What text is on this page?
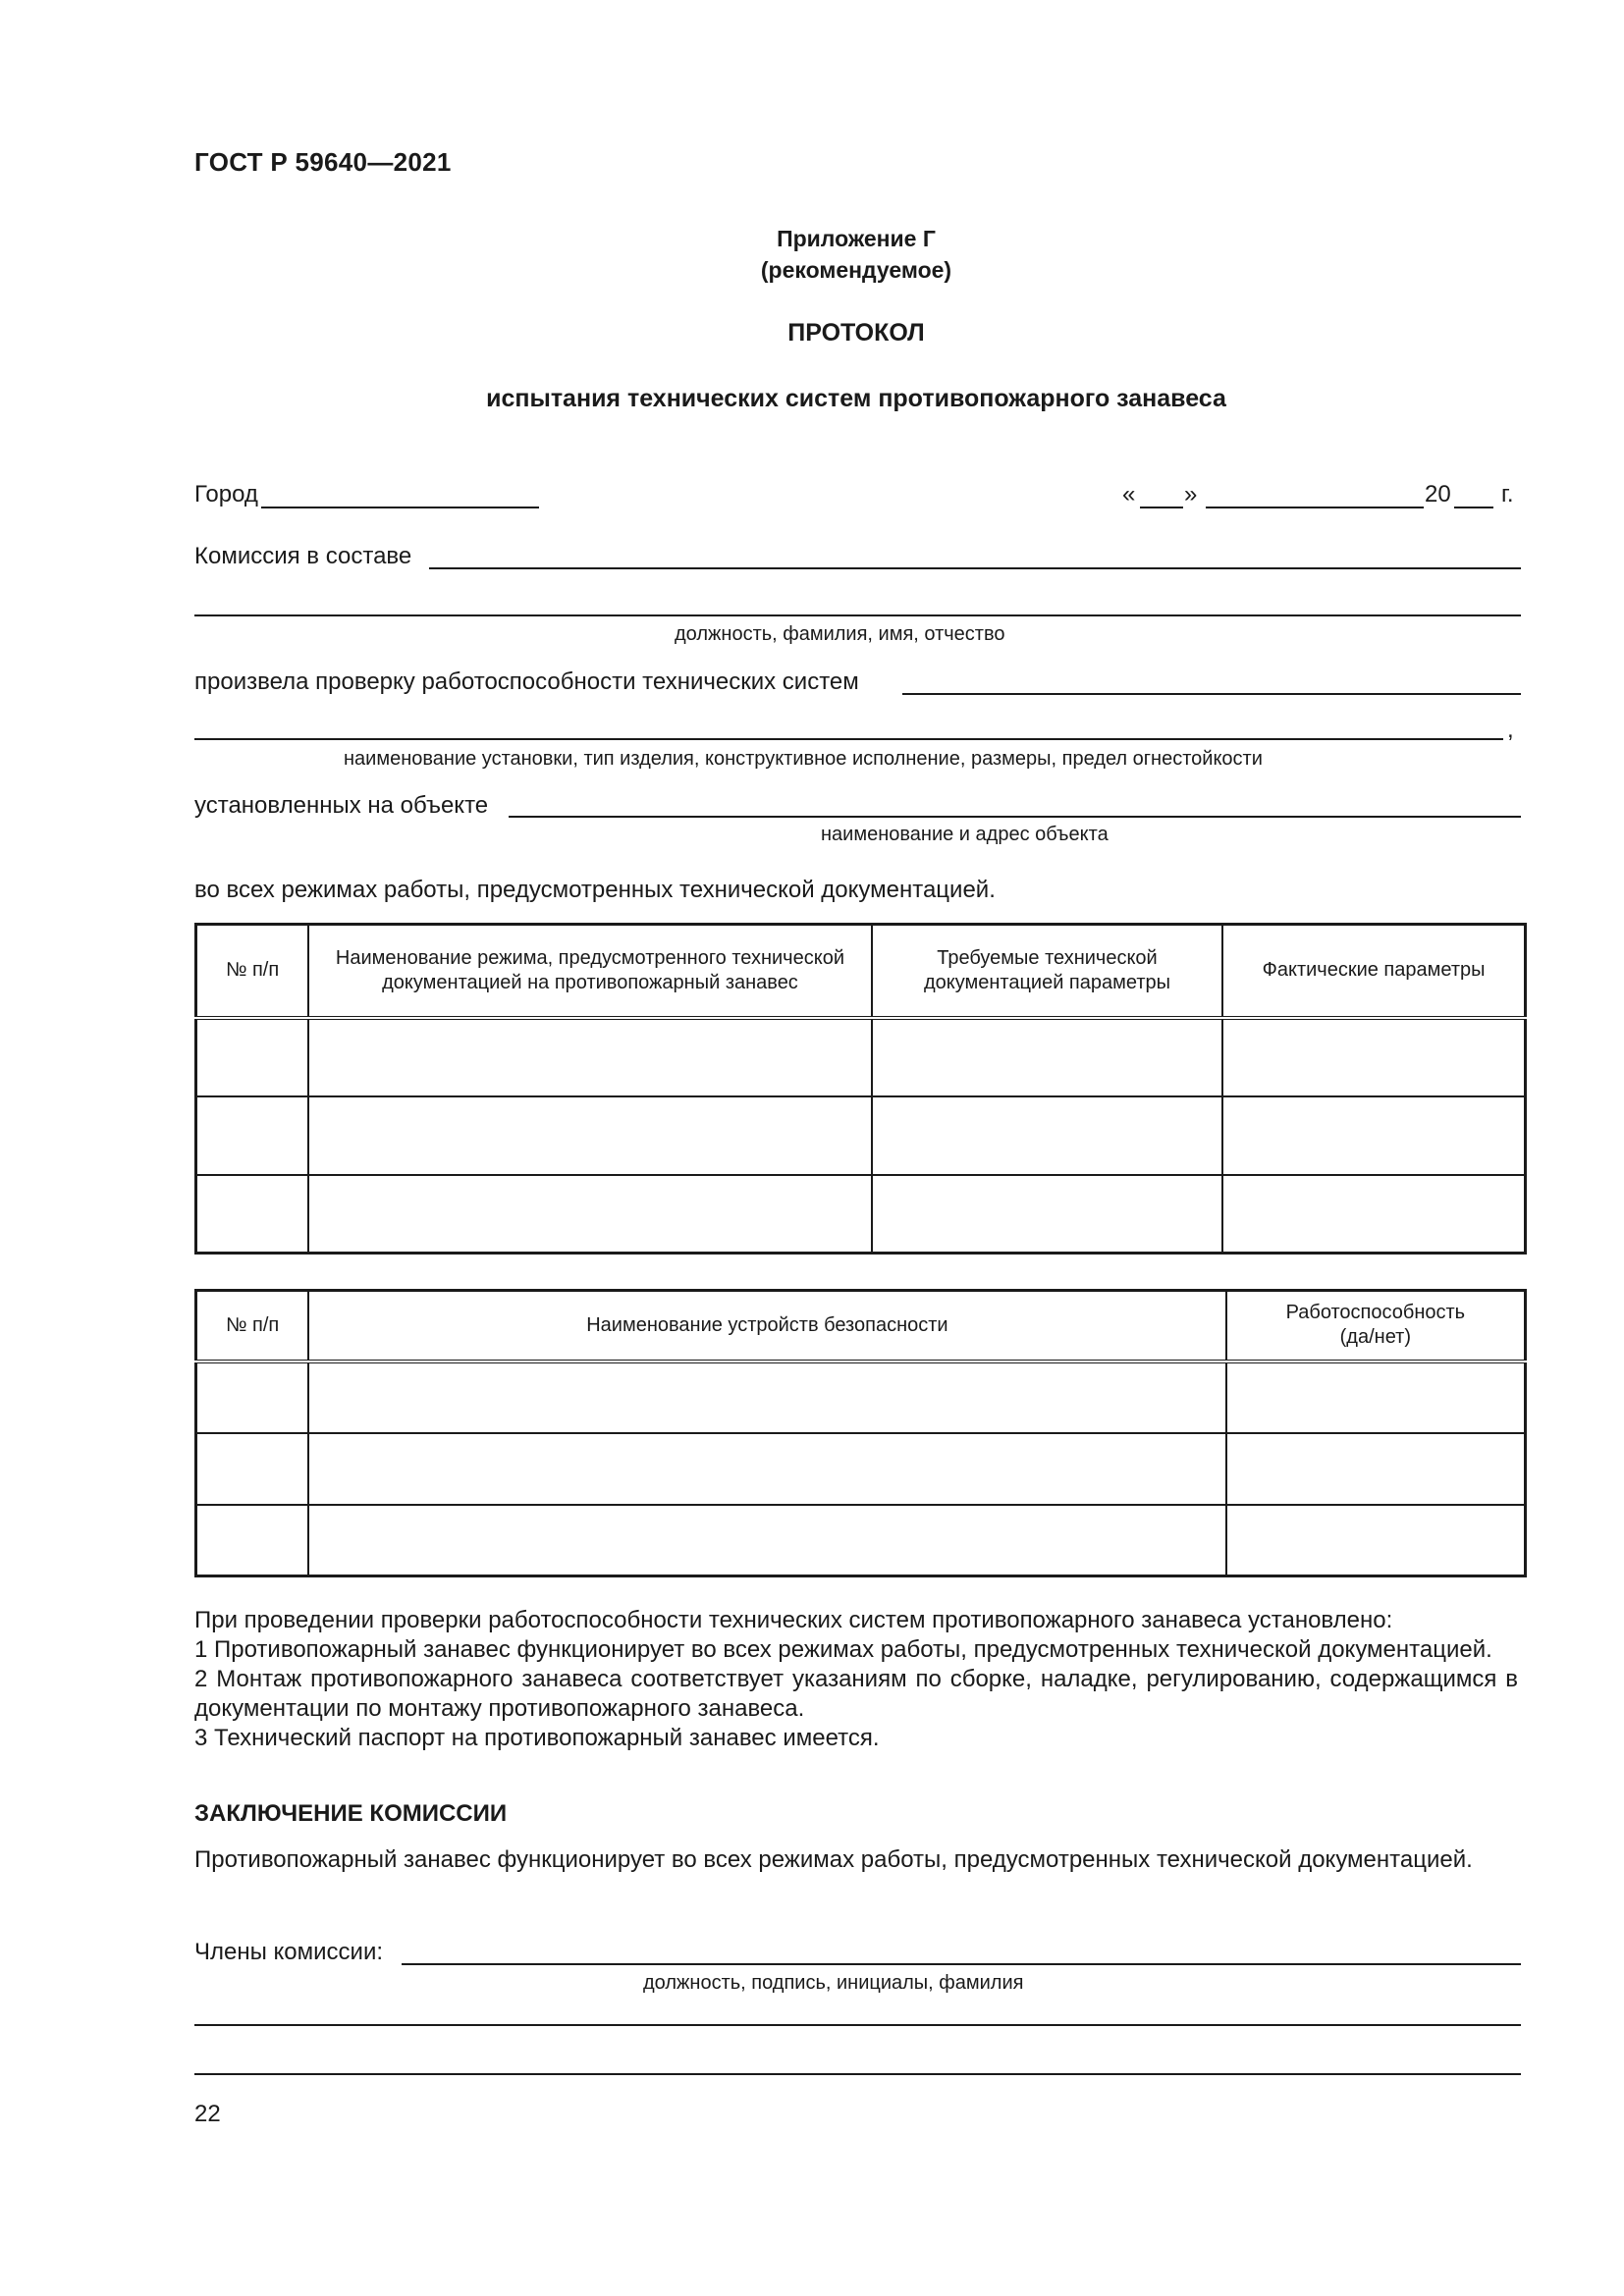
ГОСТ Р 59640—2021
Приложение Г
(рекомендуемое)
ПРОТОКОЛ
испытания технических систем противопожарного занавеса
Город	« »	20 г.
Комиссия в составе
должность, фамилия, имя, отчество
произвела проверку работоспособности технических систем
,
наименование установки, тип изделия, конструктивное исполнение, размеры, предел огнестойкости
установленных на объекте
наименование и адрес объекта
во всех режимах работы, предусмотренных технической документацией.
№ п/п	Наименование режима, предусмотренного технической документацией на противопожарный занавес	Требуемые технической документацией параметры	Фактические параметры

№ п/п	Наименование устройств безопасности	Работоспособность (да/нет)

При проведении проверки работоспособности технических систем противопожарного занавеса установлено:
1 Противопожарный занавес функционирует во всех режимах работы, предусмотренных технической документацией.
2 Монтаж противопожарного занавеса соответствует указаниям по сборке, наладке, регулированию, содержащимся в документации по монтажу противопожарного занавеса.
3 Технический паспорт на противопожарный занавес имеется.
ЗАКЛЮЧЕНИЕ КОМИССИИ
Противопожарный занавес функционирует во всех режимах работы, предусмотренных технической документацией.
Члены комиссии:
должность, подпись, инициалы, фамилия
22
